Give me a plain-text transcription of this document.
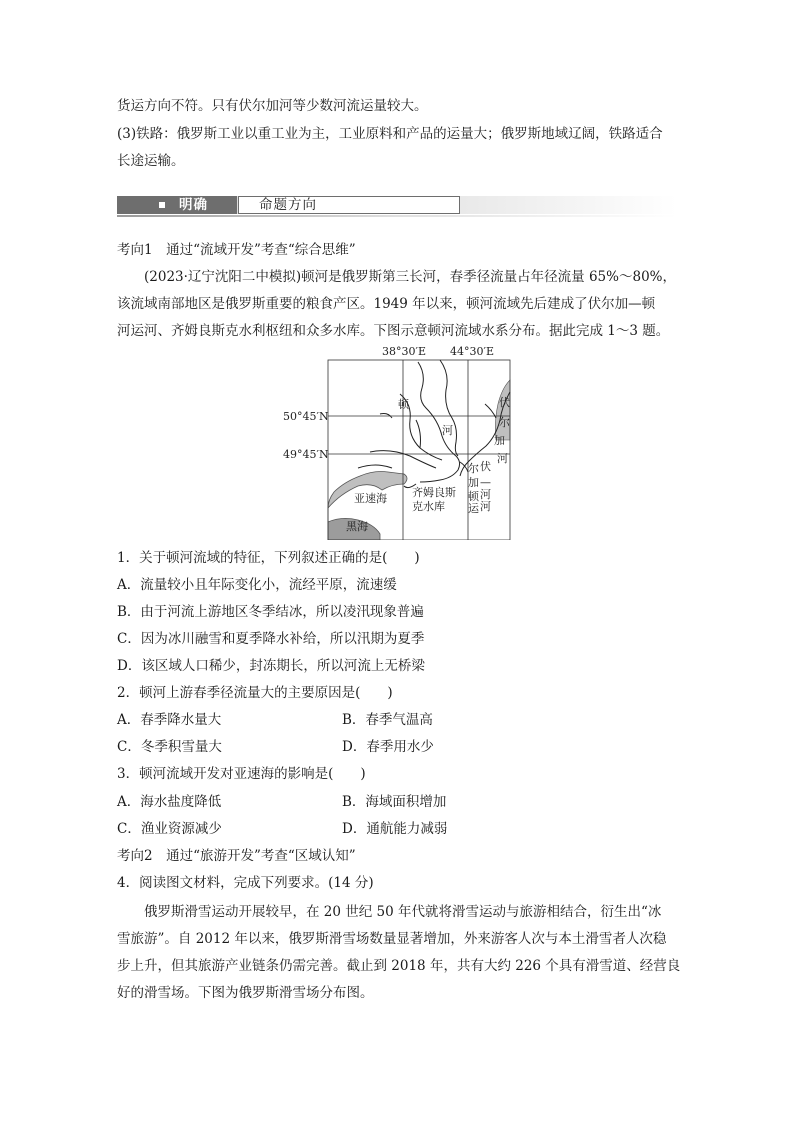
货运方向不符。只有伏尔加河等少数河流运量较大。
(3)铁路：俄罗斯工业以重工业为主，工业原料和产品的运量大；俄罗斯地域辽阔，铁路适合
长途运输。
明确	命题方向
考向1　通过“流域开发”考查“综合思维”
(2023·辽宁沈阳二中模拟)顿河是俄罗斯第三长河，春季径流量占年径流量 65%～80%，
该流域南部地区是俄罗斯重要的粮食产区。1949 年以来，顿河流域先后建成了伏尔加—顿
河运河、齐姆良斯克水利枢纽和众多水库。下图示意顿河流域水系分布。据此完成 1～3 题。
38°30′E 44°30′E
50°45′N
49°45′N
顿
河
伏
尔
加
河
伏
尔
加 —
顿 河
运 河
齐姆良斯
克水库
亚速海
黑海
1．关于顿河流域的特征，下列叙述正确的是(　　)
A．流量较小且年际变化小，流经平原，流速缓
B．由于河流上游地区冬季结冰，所以凌汛现象普遍
C．因为冰川融雪和夏季降水补给，所以汛期为夏季
D．该区域人口稀少，封冻期长，所以河流上无桥梁
2．顿河上游春季径流量大的主要原因是(　　)
A．春季降水量大	B．春季气温高
C．冬季积雪量大	D．春季用水少
3．顿河流域开发对亚速海的影响是(　　)
A．海水盐度降低	B．海域面积增加
C．渔业资源减少	D．通航能力减弱
考向2　通过“旅游开发”考查“区域认知”
4．阅读图文材料，完成下列要求。(14 分)
俄罗斯滑雪运动开展较早，在 20 世纪 50 年代就将滑雪运动与旅游相结合，衍生出“冰
雪旅游”。自 2012 年以来，俄罗斯滑雪场数量显著增加，外来游客人次与本土滑雪者人次稳
步上升，但其旅游产业链条仍需完善。截止到 2018 年，共有大约 226 个具有滑雪道、经营良
好的滑雪场。下图为俄罗斯滑雪场分布图。
